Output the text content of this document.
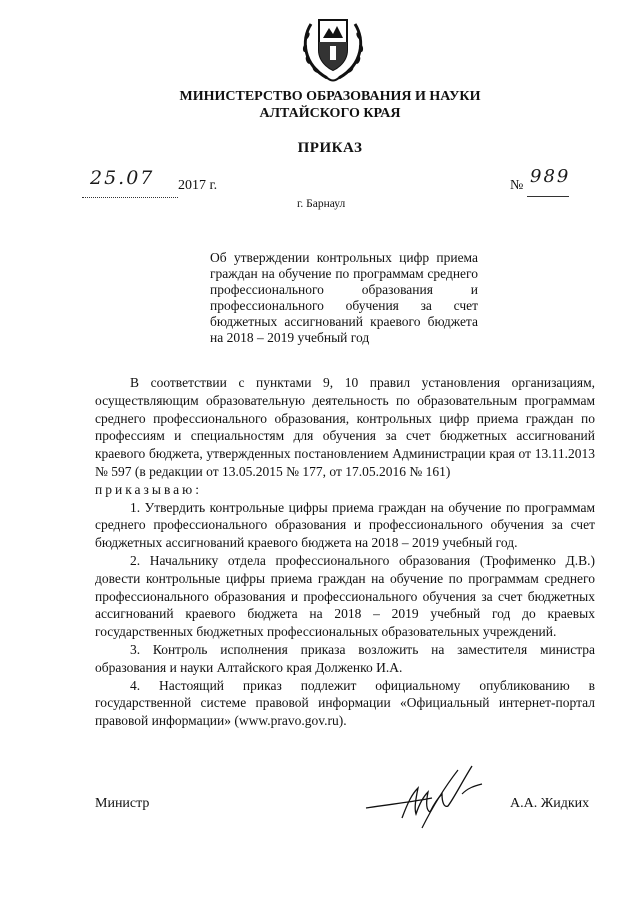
МИНИСТЕРСТВО ОБРАЗОВАНИЯ И НАУКИ
АЛТАЙСКОГО КРАЯ
ПРИКАЗ
25.07 2017 г.	№ 989
г. Барнаул
Об утверждении контрольных цифр приема граждан на обучение по программам среднего профессионального образования и профессионального обучения за счет бюджетных ассигнований краевого бюджета на 2018 – 2019 учебный год

В соответствии с пунктами 9, 10 правил установления организациям, осуществляющим образовательную деятельность по образовательным программам среднего профессионального образования, контрольных цифр приема граждан по профессиям и специальностям для обучения за счет бюджетных ассигнований краевого бюджета, утвержденных постановлением Администрации края от 13.11.2013 № 597 (в редакции от 13.05.2015 № 177, от 17.05.2016 № 161)

приказываю:

1. Утвердить контрольные цифры приема граждан на обучение по программам среднего профессионального образования и профессионального обучения за счет бюджетных ассигнований краевого бюджета на 2018 – 2019 учебный год.

2. Начальнику отдела профессионального образования (Трофименко Д.В.) довести контрольные цифры приема граждан на обучение по программам среднего профессионального образования и профессионального обучения за счет бюджетных ассигнований краевого бюджета на 2018 – 2019 учебный год до краевых государственных бюджетных профессиональных образовательных учреждений.

3. Контроль исполнения приказа возложить на заместителя министра образования и науки Алтайского края Долженко И.А.

4. Настоящий приказ подлежит официальному опубликованию в государственной системе правовой информации «Официальный интернет-портал правовой информации» (www.pravo.gov.ru).

Министр	А.А. Жидких
